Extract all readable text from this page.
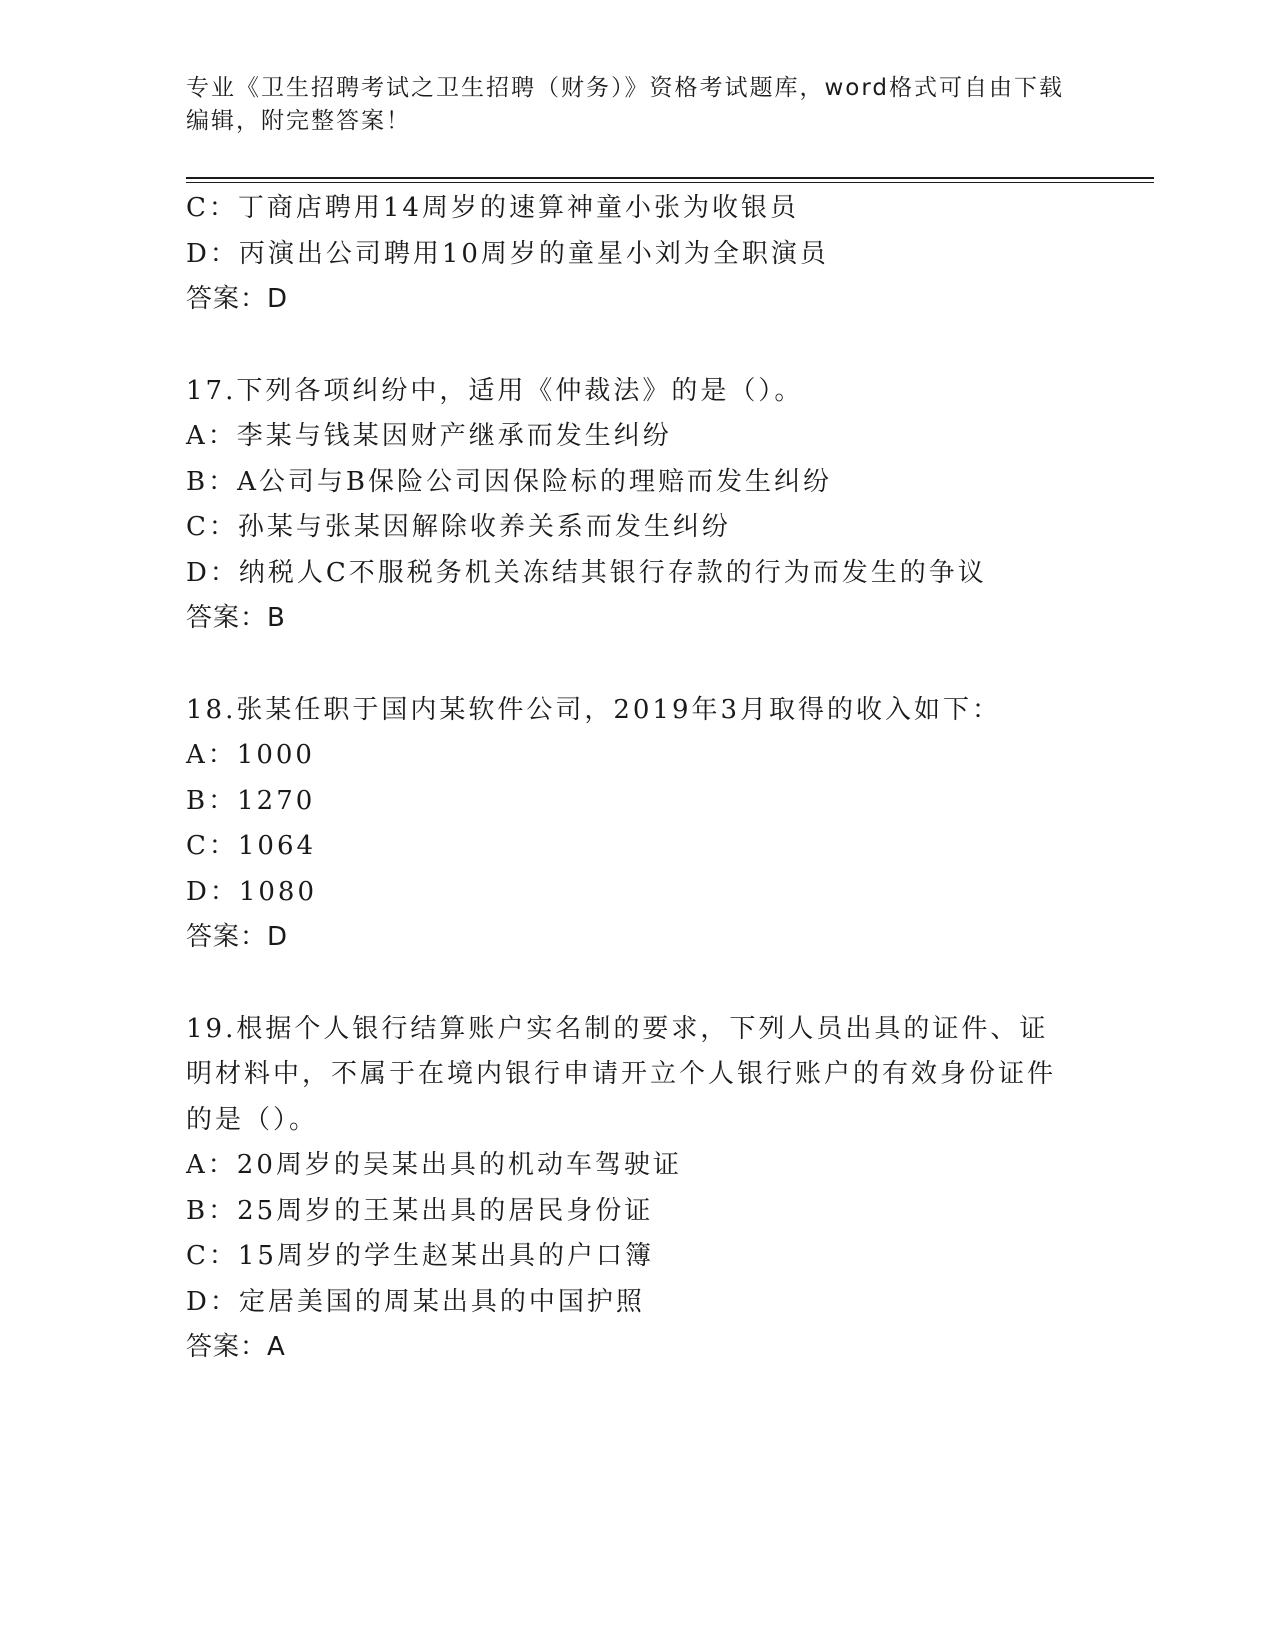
专业《卫生招聘考试之卫生招聘（财务）》资格考试题库，word格式可自由下载编辑，附完整答案！
C：丁商店聘用14周岁的速算神童小张为收银员
D：丙演出公司聘用10周岁的童星小刘为全职演员
答案：D
17.下列各项纠纷中，适用《仲裁法》的是（）。
A：李某与钱某因财产继承而发生纠纷
B：A公司与B保险公司因保险标的理赔而发生纠纷
C：孙某与张某因解除收养关系而发生纠纷
D：纳税人C不服税务机关冻结其银行存款的行为而发生的争议
答案：B
18.张某任职于国内某软件公司，2019年3月取得的收入如下：
A：1000
B：1270
C：1064
D：1080
答案：D
19.根据个人银行结算账户实名制的要求，下列人员出具的证件、证明材料中，不属于在境内银行申请开立个人银行账户的有效身份证件的是（）。
A：20周岁的吴某出具的机动车驾驶证
B：25周岁的王某出具的居民身份证
C：15周岁的学生赵某出具的户口簿
D：定居美国的周某出具的中国护照
答案：A
